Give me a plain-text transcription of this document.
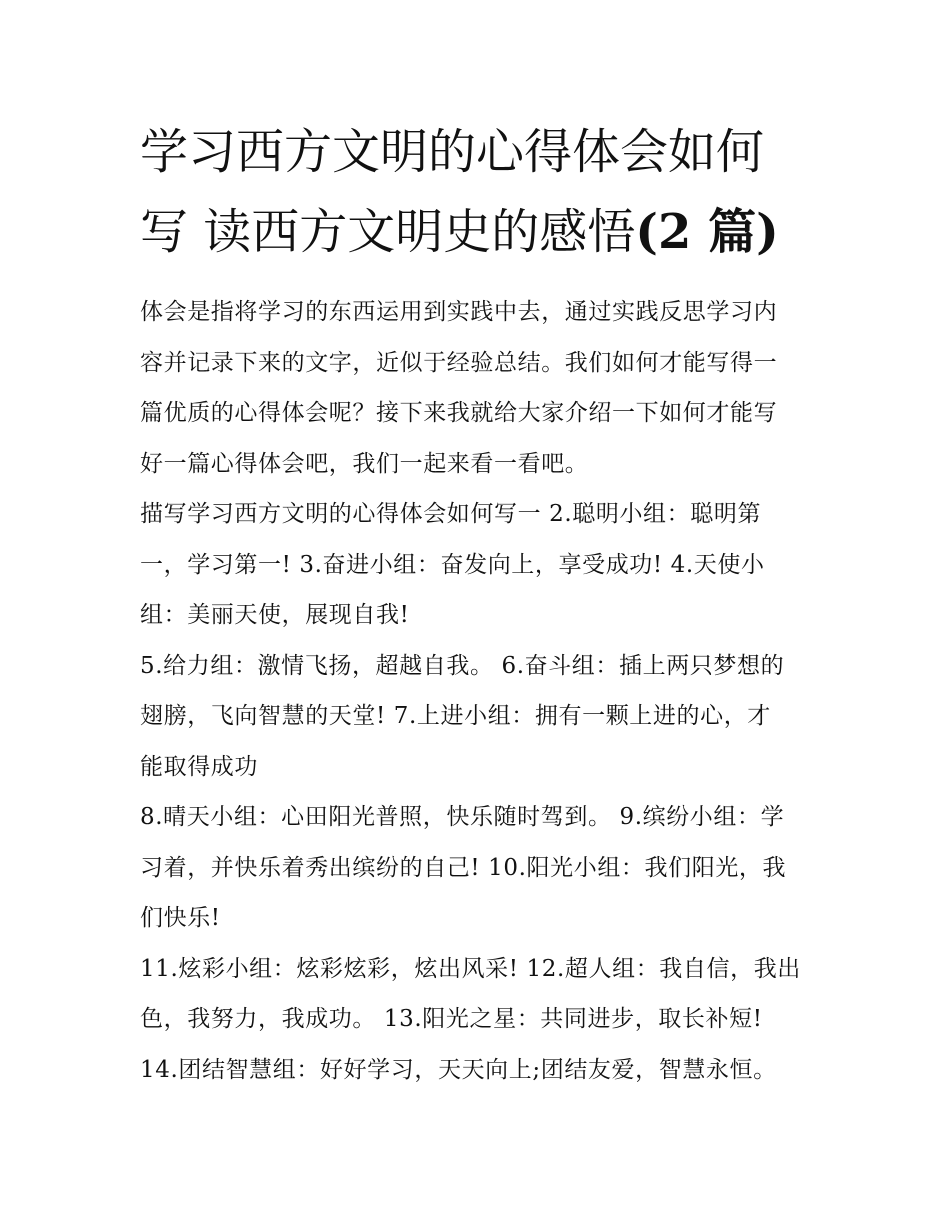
学习西方文明的心得体会如何
写 读西方文明史的感悟(2 篇)

体会是指将学习的东西运用到实践中去，通过实践反思学习内
容并记录下来的文字，近似于经验总结。我们如何才能写得一
篇优质的心得体会呢？接下来我就给大家介绍一下如何才能写
好一篇心得体会吧，我们一起来看一看吧。

描写学习西方文明的心得体会如何写一 2.聪明小组：聪明第
一，学习第一! 3.奋进小组：奋发向上，享受成功! 4.天使小
组：美丽天使，展现自我!

5.给力组：激情飞扬，超越自我。 6.奋斗组：插上两只梦想的
翅膀，飞向智慧的天堂! 7.上进小组：拥有一颗上进的心，才
能取得成功

8.晴天小组：心田阳光普照，快乐随时驾到。 9.缤纷小组：学
习着，并快乐着秀出缤纷的自己! 10.阳光小组：我们阳光，我
们快乐!

11.炫彩小组：炫彩炫彩，炫出风采! 12.超人组：我自信，我出
色，我努力，我成功。 13.阳光之星：共同进步，取长补短!
14.团结智慧组：好好学习，天天向上;团结友爱，智慧永恒。
